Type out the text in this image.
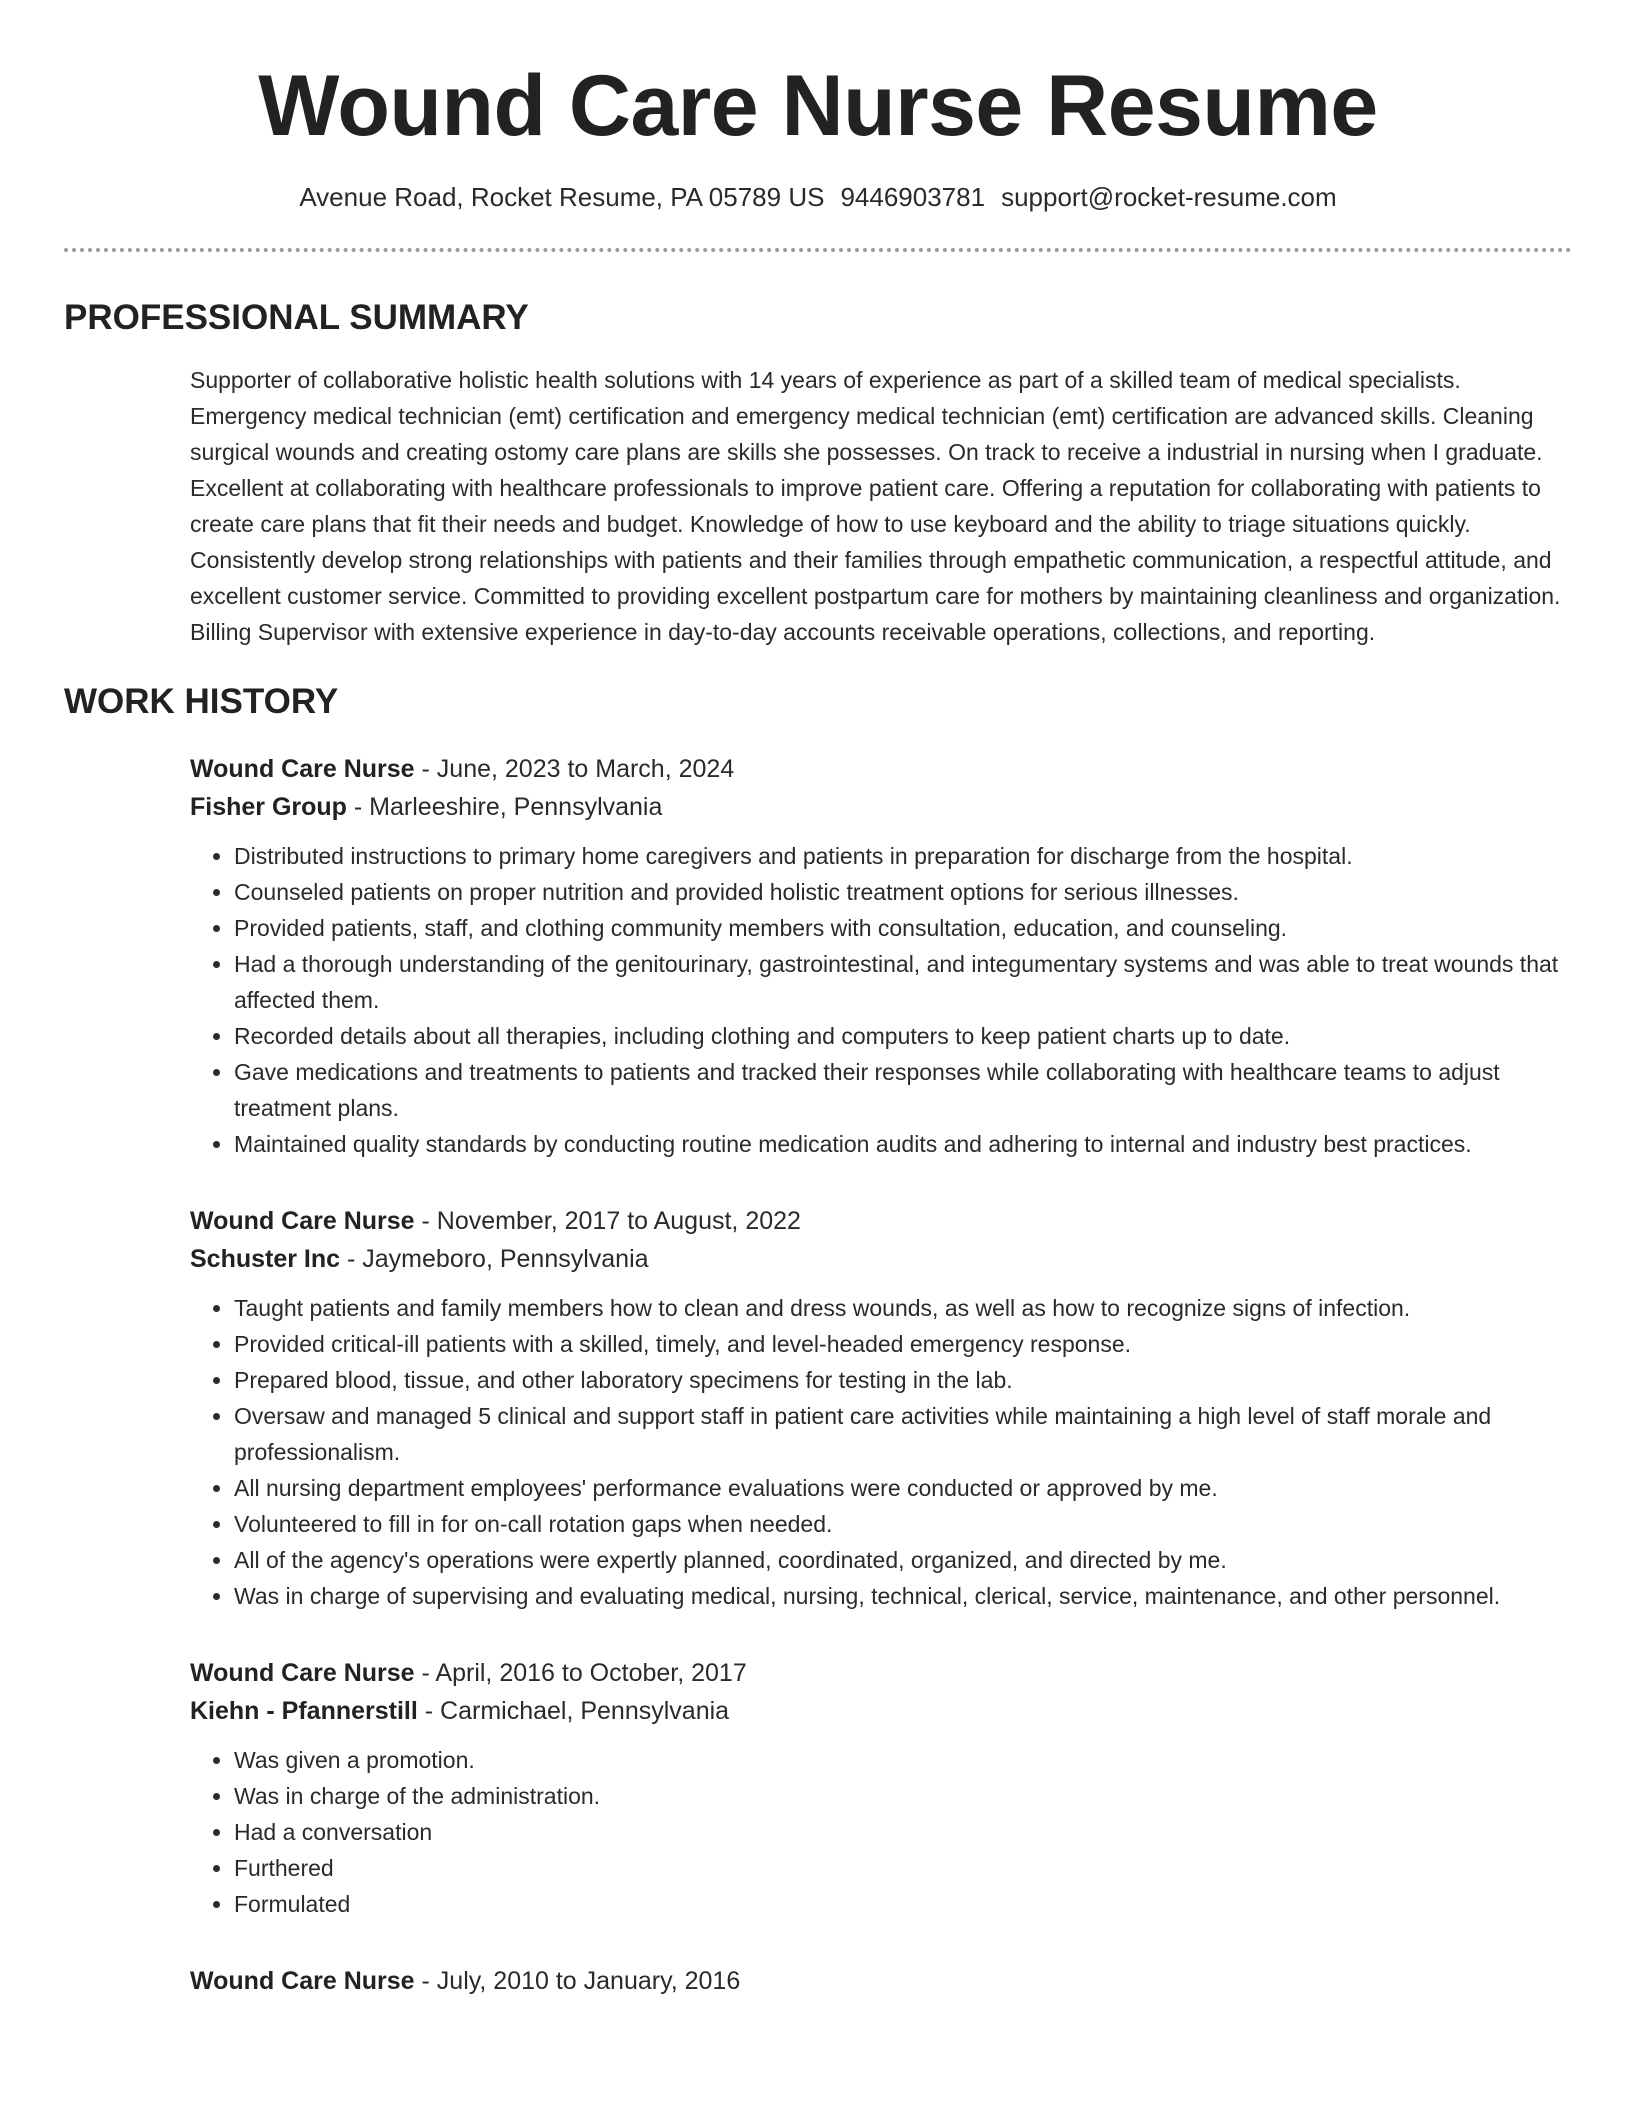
Wound Care Nurse Resume
Avenue Road, Rocket Resume, PA 05789 US 9446903781 support@rocket-resume.com
PROFESSIONAL SUMMARY

Supporter of collaborative holistic health solutions with 14 years of experience as part of a skilled team of medical specialists. Emergency medical technician (emt) certification and emergency medical technician (emt) certification are advanced skills. Cleaning surgical wounds and creating ostomy care plans are skills she possesses. On track to receive a industrial in nursing when I graduate. Excellent at collaborating with healthcare professionals to improve patient care. Offering a reputation for collaborating with patients to create care plans that fit their needs and budget. Knowledge of how to use keyboard and the ability to triage situations quickly. Consistently develop strong relationships with patients and their families through empathetic communication, a respectful attitude, and excellent customer service. Committed to providing excellent postpartum care for mothers by maintaining cleanliness and organization. Billing Supervisor with extensive experience in day-to-day accounts receivable operations, collections, and reporting.

WORK HISTORY
Wound Care Nurse - June, 2023 to March, 2024
Fisher Group - Marleeshire, Pennsylvania
• Distributed instructions to primary home caregivers and patients in preparation for discharge from the hospital.
• Counseled patients on proper nutrition and provided holistic treatment options for serious illnesses.
• Provided patients, staff, and clothing community members with consultation, education, and counseling.
• Had a thorough understanding of the genitourinary, gastrointestinal, and integumentary systems and was able to treat wounds that affected them.
• Recorded details about all therapies, including clothing and computers to keep patient charts up to date.
• Gave medications and treatments to patients and tracked their responses while collaborating with healthcare teams to adjust treatment plans.
• Maintained quality standards by conducting routine medication audits and adhering to internal and industry best practices.
Wound Care Nurse - November, 2017 to August, 2022
Schuster Inc - Jaymeboro, Pennsylvania
• Taught patients and family members how to clean and dress wounds, as well as how to recognize signs of infection.
• Provided critical-ill patients with a skilled, timely, and level-headed emergency response.
• Prepared blood, tissue, and other laboratory specimens for testing in the lab.
• Oversaw and managed 5 clinical and support staff in patient care activities while maintaining a high level of staff morale and professionalism.
• All nursing department employees' performance evaluations were conducted or approved by me.
• Volunteered to fill in for on-call rotation gaps when needed.
• All of the agency's operations were expertly planned, coordinated, organized, and directed by me.
• Was in charge of supervising and evaluating medical, nursing, technical, clerical, service, maintenance, and other personnel.
Wound Care Nurse - April, 2016 to October, 2017
Kiehn - Pfannerstill - Carmichael, Pennsylvania
• Was given a promotion.
• Was in charge of the administration.
• Had a conversation
• Furthered
• Formulated
Wound Care Nurse - July, 2010 to January, 2016
